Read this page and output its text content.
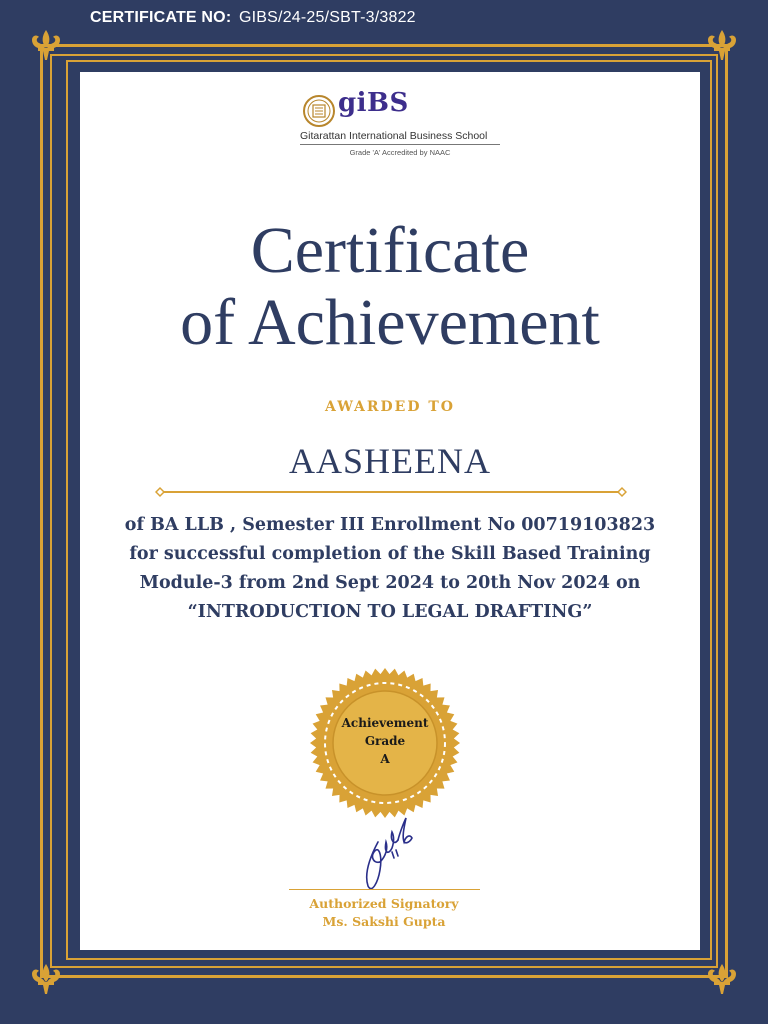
CERTIFICATE NO: GIBS/24-25/SBT-3/3822
giBS
Gitarattan International Business School
Grade 'A' Accredited by NAAC
Certificate
of Achievement
AWARDED TO
AASHEENA
of BA LLB , Semester III Enrollment No 00719103823
for successful completion of the Skill Based Training
Module-3 from 2nd Sept 2024 to 20th Nov 2024 on
“INTRODUCTION TO LEGAL DRAFTING”
Achievement
Grade
A
Authorized Signatory
Ms. Sakshi Gupta
